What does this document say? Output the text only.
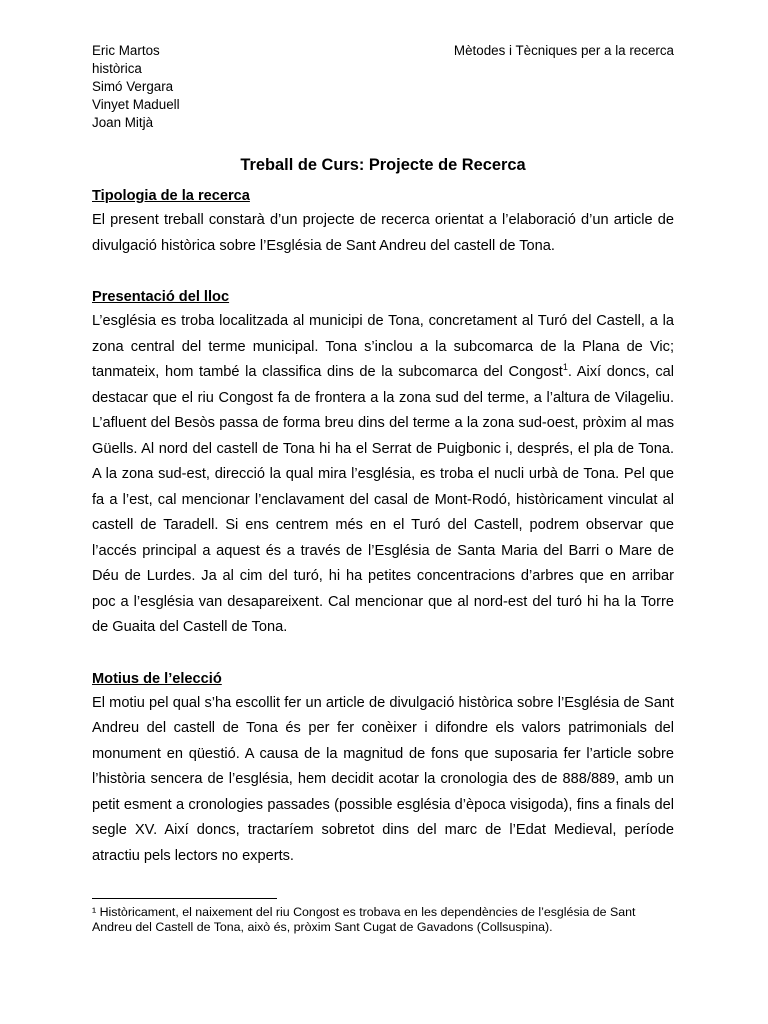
Eric Martos
històrica
Simó Vergara
Vinyet Maduell
Joan Mitjà
Mètodes i Tècniques per a la recerca
Treball de Curs: Projecte de Recerca

Tipologia de la recerca

El present treball constarà d’un projecte de recerca orientat a l’elaboració d’un article de divulgació històrica sobre l’Església de Sant Andreu del castell de Tona.

Presentació del lloc

L’església es troba localitzada al municipi de Tona, concretament al Turó del Castell, a la zona central del terme municipal. Tona s’inclou a la subcomarca de la Plana de Vic; tanmateix, hom també la classifica dins de la subcomarca del Congost$^1$. Així doncs, cal destacar que el riu Congost fa de frontera a la zona sud del terme, a l’altura de Vilageliu. L’afluent del Besòs passa de forma breu dins del terme a la zona sud-oest, pròxim al mas Güells. Al nord del castell de Tona hi ha el Serrat de Puigbonic i, després, el pla de Tona. A la zona sud-est, direcció la qual mira l’església, es troba el nucli urbà de Tona. Pel que fa a l’est, cal mencionar l’enclavament del casal de Mont-Rodó, històricament vinculat al castell de Taradell. Si ens centrem més en el Turó del Castell, podrem observar que l’accés principal a aquest és a través de l’Església de Santa Maria del Barri o Mare de Déu de Lurdes. Ja al cim del turó, hi ha petites concentracions d’arbres que en arribar poc a l’església van desapareixent. Cal mencionar que al nord-est del turó hi ha la Torre de Guaita del Castell de Tona.

Motius de l’elecció

El motiu pel qual s’ha escollit fer un article de divulgació històrica sobre l’Església de Sant Andreu del castell de Tona és per fer conèixer i difondre els valors patrimonials del monument en qüestió. A causa de la magnitud de fons que suposaria fer l’article sobre l’història sencera de l’església, hem decidit acotar la cronologia des de 888/889, amb un petit esment a cronologies passades (possible església d’època visigoda), fins a finals del segle XV. Així doncs, tractaríem sobretot dins del marc de l’Edat Medieval, període atractiu pels lectors no experts.

¹ Històricament, el naixement del riu Congost es trobava en les dependències de l’església de Sant Andreu del Castell de Tona, això és, pròxim Sant Cugat de Gavadons (Collsuspina).
